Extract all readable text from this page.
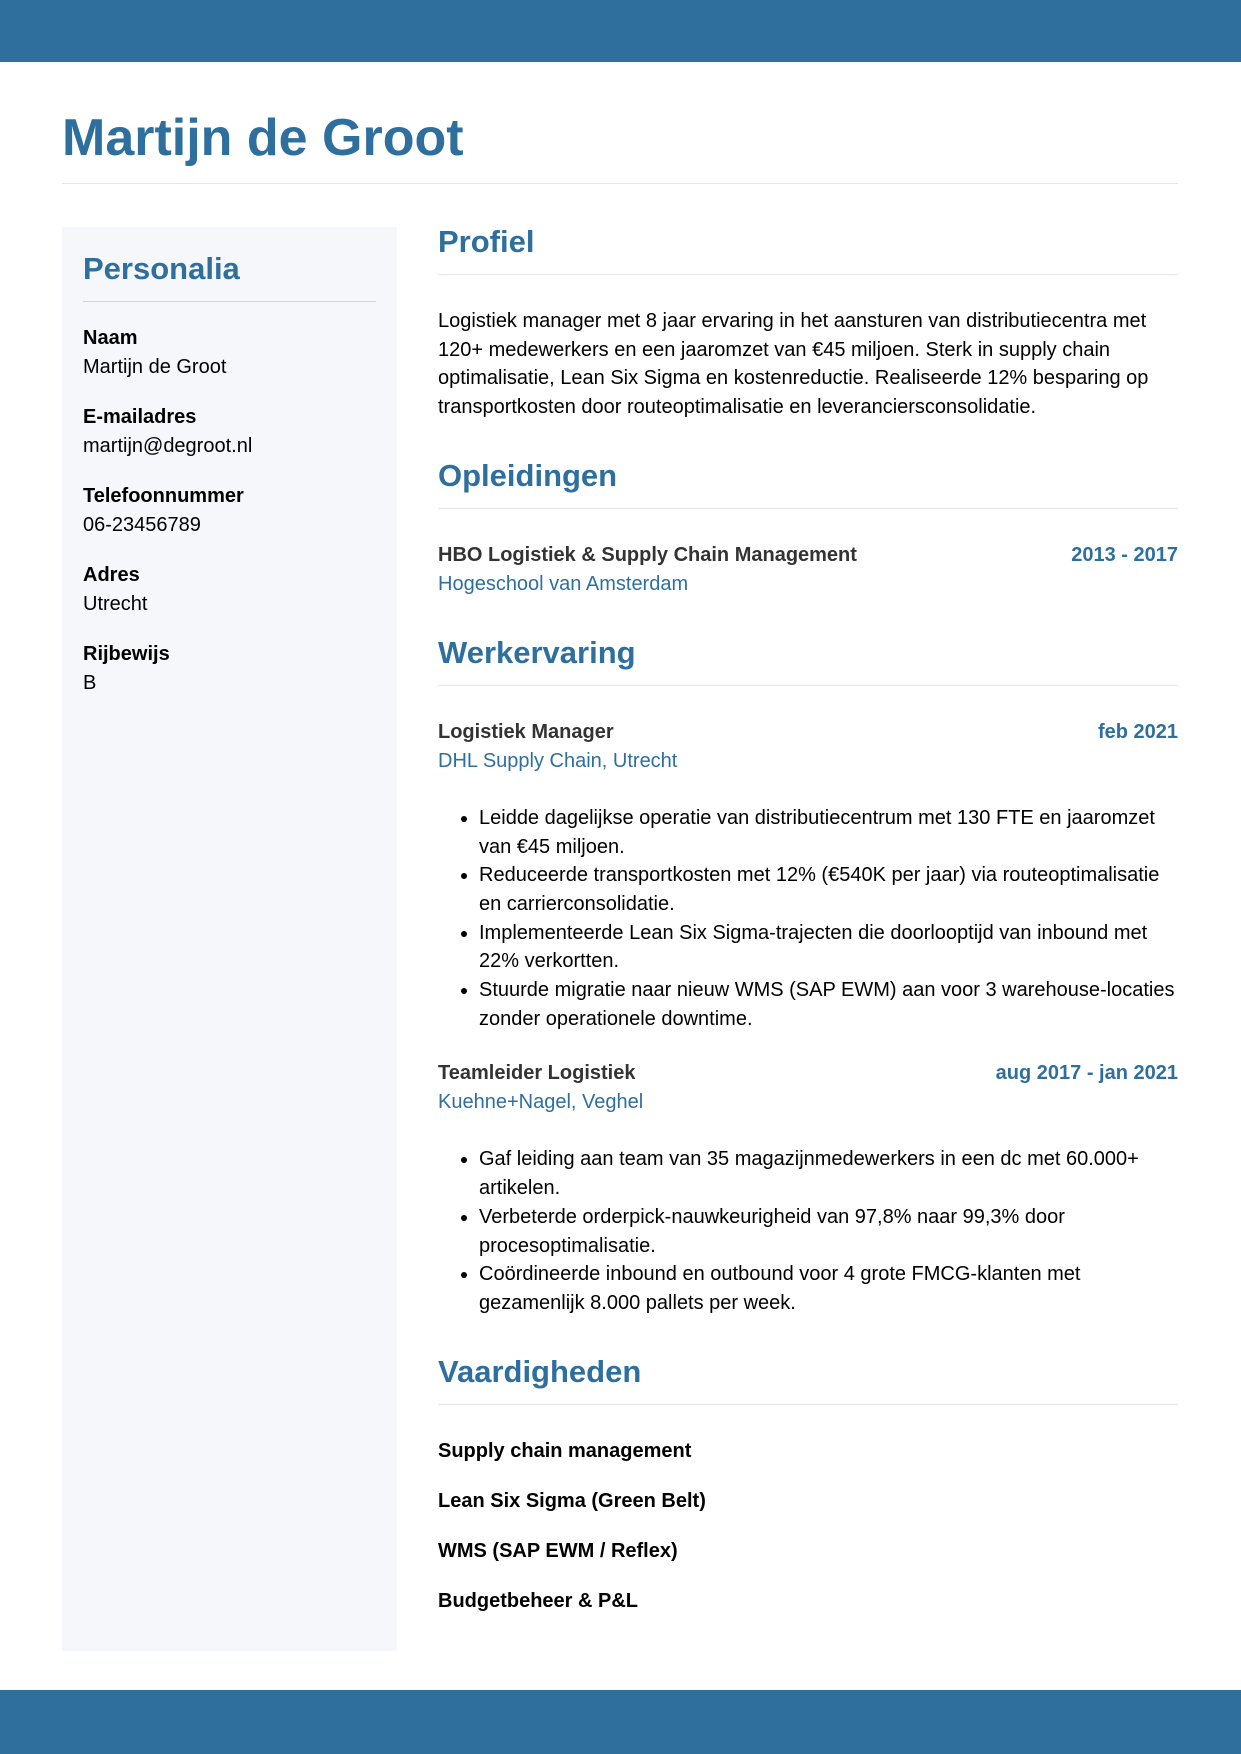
Martijn de Groot
Personalia
Naam
Martijn de Groot
E-mailadres
martijn@degroot.nl
Telefoonnummer
06-23456789
Adres
Utrecht
Rijbewijs
B
Profiel

Logistiek manager met 8 jaar ervaring in het aansturen van distributiecentra met 120+ medewerkers en een jaaromzet van €45 miljoen. Sterk in supply chain optimalisatie, Lean Six Sigma en kostenreductie. Realiseerde 12% besparing op transportkosten door routeoptimalisatie en leveranciersconsolidatie.

Opleidingen
HBO Logistiek & Supply Chain Management	2013 - 2017
Hogeschool van Amsterdam
Werkervaring
Logistiek Manager	feb 2021
DHL Supply Chain, Utrecht
• Leidde dagelijkse operatie van distributiecentrum met 130 FTE en jaaromzet van €45 miljoen.
• Reduceerde transportkosten met 12% (€540K per jaar) via routeoptimalisatie en carrierconsolidatie.
• Implementeerde Lean Six Sigma-trajecten die doorlooptijd van inbound met 22% verkortten.
• Stuurde migratie naar nieuw WMS (SAP EWM) aan voor 3 warehouse-locaties zonder operationele downtime.
Teamleider Logistiek	aug 2017 - jan 2021
Kuehne+Nagel, Veghel
• Gaf leiding aan team van 35 magazijnmedewerkers in een dc met 60.000+ artikelen.
• Verbeterde orderpick-nauwkeurigheid van 97,8% naar 99,3% door procesoptimalisatie.
• Coördineerde inbound en outbound voor 4 grote FMCG-klanten met gezamenlijk 8.000 pallets per week.
Vaardigheden
Supply chain management
Lean Six Sigma (Green Belt)
WMS (SAP EWM / Reflex)
Budgetbeheer & P&L
